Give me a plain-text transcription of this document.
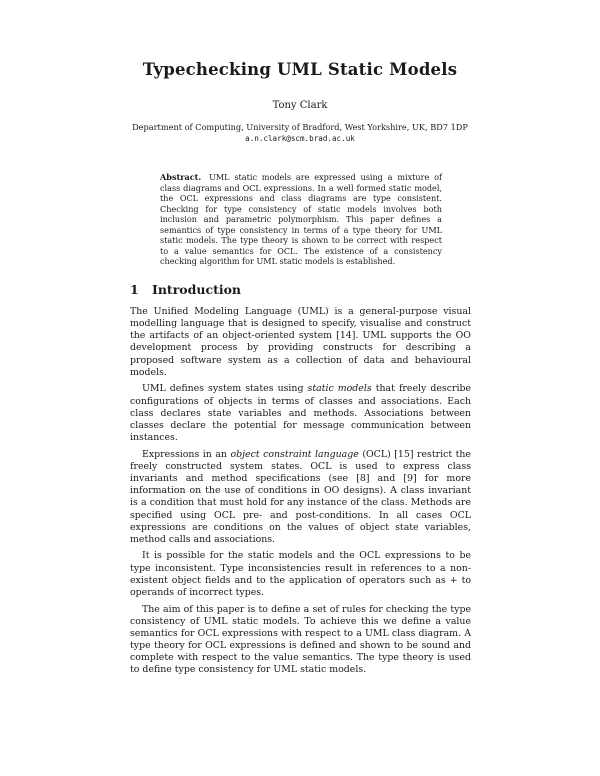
Typechecking UML Static Models
Tony Clark
Department of Computing, University of Bradford, West Yorkshire, UK, BD7 1DP
a.n.clark@scm.brad.ac.uk
Abstract. UML static models are expressed using a mixture of class diagrams and OCL expressions. In a well formed static model, the OCL expressions and class diagrams are type consistent. Checking for type consistency of static models involves both inclusion and parametric polymorphism. This paper defines a semantics of type consistency in terms of a type theory for UML static models. The type theory is shown to be correct with respect to a value semantics for OCL. The existence of a consistency checking algorithm for UML static models is established.
1 Introduction

The Unified Modeling Language (UML) is a general-purpose visual modelling language that is designed to specify, visualise and construct the artifacts of an object-oriented system [14]. UML supports the OO development process by providing constructs for describing a proposed software system as a collection of data and behavioural models.

UML defines system states using static models that freely describe configurations of objects in terms of classes and associations. Each class declares state variables and methods. Associations between classes declare the potential for message communication between instances.

Expressions in an object constraint language (OCL) [15] restrict the freely constructed system states. OCL is used to express class invariants and method specifications (see [8] and [9] for more information on the use of conditions in OO designs). A class invariant is a condition that must hold for any instance of the class. Methods are specified using OCL pre- and post-conditions. In all cases OCL expressions are conditions on the values of object state variables, method calls and associations.

It is possible for the static models and the OCL expressions to be type inconsistent. Type inconsistencies result in references to a non-existent object fields and to the application of operators such as + to operands of incorrect types.

The aim of this paper is to define a set of rules for checking the type consistency of UML static models. To achieve this we define a value semantics for OCL expressions with respect to a UML class diagram. A type theory for OCL expressions is defined and shown to be sound and complete with respect to the value semantics. The type theory is used to define type consistency for UML static models.
